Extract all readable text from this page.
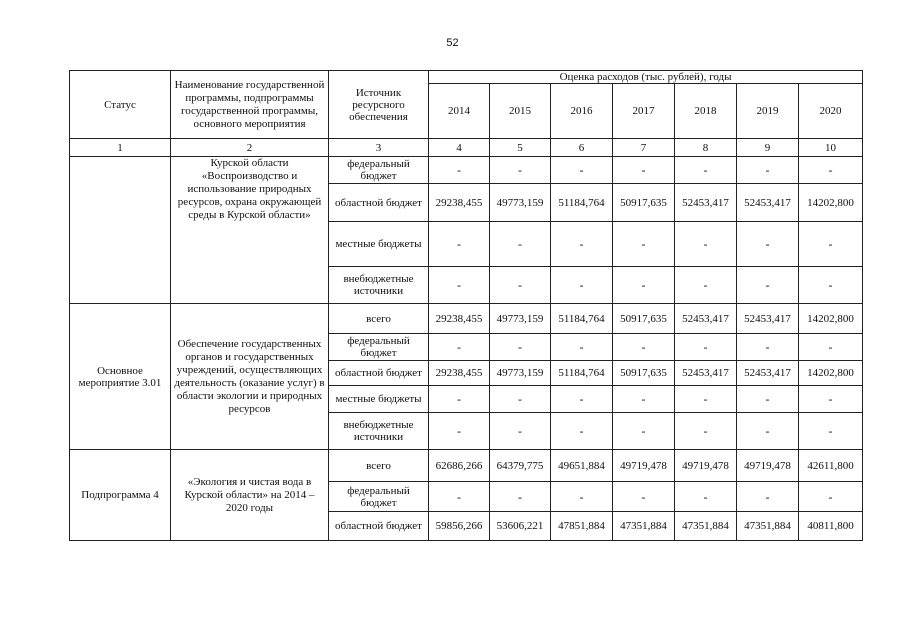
52
Статус	Наименование государственной программы, подпрограммы государственной программы, основного мероприятия	Источник ресурсного обеспечения	Оценка расходов (тыс. рублей), годы						
			2014	2015	2016	2017	2018	2019	2020
1	2	3	4	5	6	7	8	9	10
	Курской области «Воспроизводство и использование природных ресурсов, охрана окружающей среды в Курской области»	федеральный бюджет	-	-	-	-	-	-	-
		областной бюджет	29238,455	49773,159	51184,764	50917,635	52453,417	52453,417	14202,800
		местные бюджеты	-	-	-	-	-	-	-
		внебюджетные источники	-	-	-	-	-	-	-
Основное мероприятие 3.01	Обеспечение государственных органов и государственных учреждений, осуществляющих деятельность (оказание услуг) в области экологии и природных ресурсов	всего	29238,455	49773,159	51184,764	50917,635	52453,417	52453,417	14202,800
		федеральный бюджет	-	-	-	-	-	-	-
		областной бюджет	29238,455	49773,159	51184,764	50917,635	52453,417	52453,417	14202,800
		местные бюджеты	-	-	-	-	-	-	-
		внебюджетные источники	-	-	-	-	-	-	-
Подпрограмма 4	«Экология и чистая вода в Курской области» на 2014 – 2020 годы	всего	62686,266	64379,775	49651,884	49719,478	49719,478	49719,478	42611,800
		федеральный бюджет	-	-	-	-	-	-	-
		областной бюджет	59856,266	53606,221	47851,884	47351,884	47351,884	47351,884	40811,800
